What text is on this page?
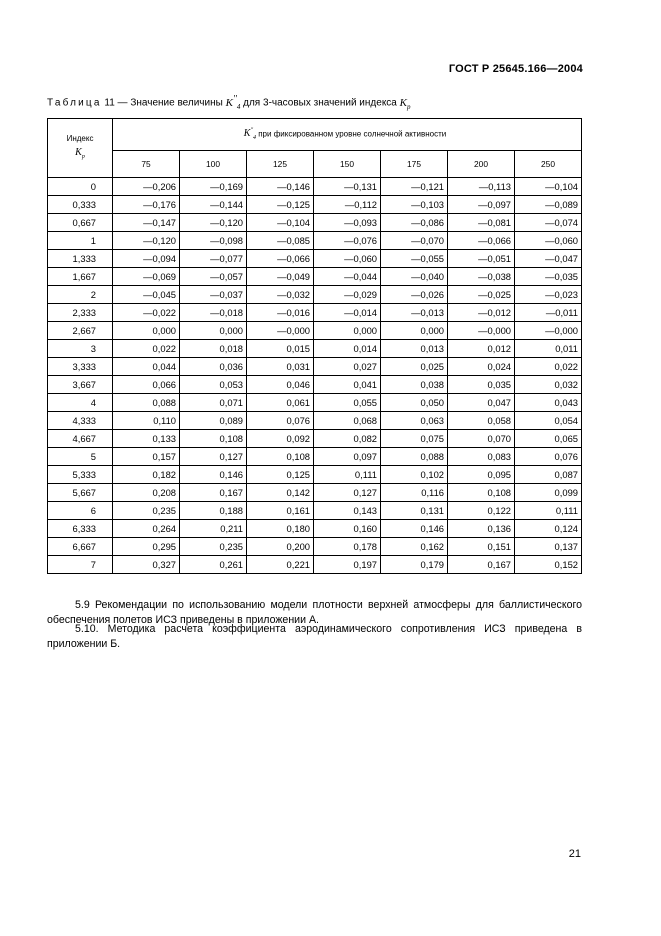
ГОСТ Р 25645.166—2004
Таблица 11 — Значение величины $K''_4$ для 3-часовых значений индекса $K_p$
Индекс
$K_p$	$K''_4$ при фиксированном уровне солнечной активности						
	75	100	125	150	175	200	250
0	—0,206	—0,169	—0,146	—0,131	—0,121	—0,113	—0,104
0,333	—0,176	—0,144	—0,125	—0,112	—0,103	—0,097	—0,089
0,667	—0,147	—0,120	—0,104	—0,093	—0,086	—0,081	—0,074
1	—0,120	—0,098	—0,085	—0,076	—0,070	—0,066	—0,060
1,333	—0,094	—0,077	—0,066	—0,060	—0,055	—0,051	—0,047
1,667	—0,069	—0,057	—0,049	—0,044	—0,040	—0,038	—0,035
2	—0,045	—0,037	—0,032	—0,029	—0,026	—0,025	—0,023
2,333	—0,022	—0,018	—0,016	—0,014	—0,013	—0,012	—0,011
2,667	0,000	0,000	—0,000	0,000	0,000	—0,000	—0,000
3	0,022	0,018	0,015	0,014	0,013	0,012	0,011
3,333	0,044	0,036	0,031	0,027	0,025	0,024	0,022
3,667	0,066	0,053	0,046	0,041	0,038	0,035	0,032
4	0,088	0,071	0,061	0,055	0,050	0,047	0,043
4,333	0,110	0,089	0,076	0,068	0,063	0,058	0,054
4,667	0,133	0,108	0,092	0,082	0,075	0,070	0,065
5	0,157	0,127	0,108	0,097	0,088	0,083	0,076
5,333	0,182	0,146	0,125	0,111	0,102	0,095	0,087
5,667	0,208	0,167	0,142	0,127	0,116	0,108	0,099
6	0,235	0,188	0,161	0,143	0,131	0,122	0,111
6,333	0,264	0,211	0,180	0,160	0,146	0,136	0,124
6,667	0,295	0,235	0,200	0,178	0,162	0,151	0,137
7	0,327	0,261	0,221	0,197	0,179	0,167	0,152
5.9 Рекомендации по использованию модели плотности верхней атмосферы для баллистического обеспечения полетов ИСЗ приведены в приложении А.
5.10. Методика расчета коэффициента аэродинамического сопротивления ИСЗ приведена в приложении Б.
21
